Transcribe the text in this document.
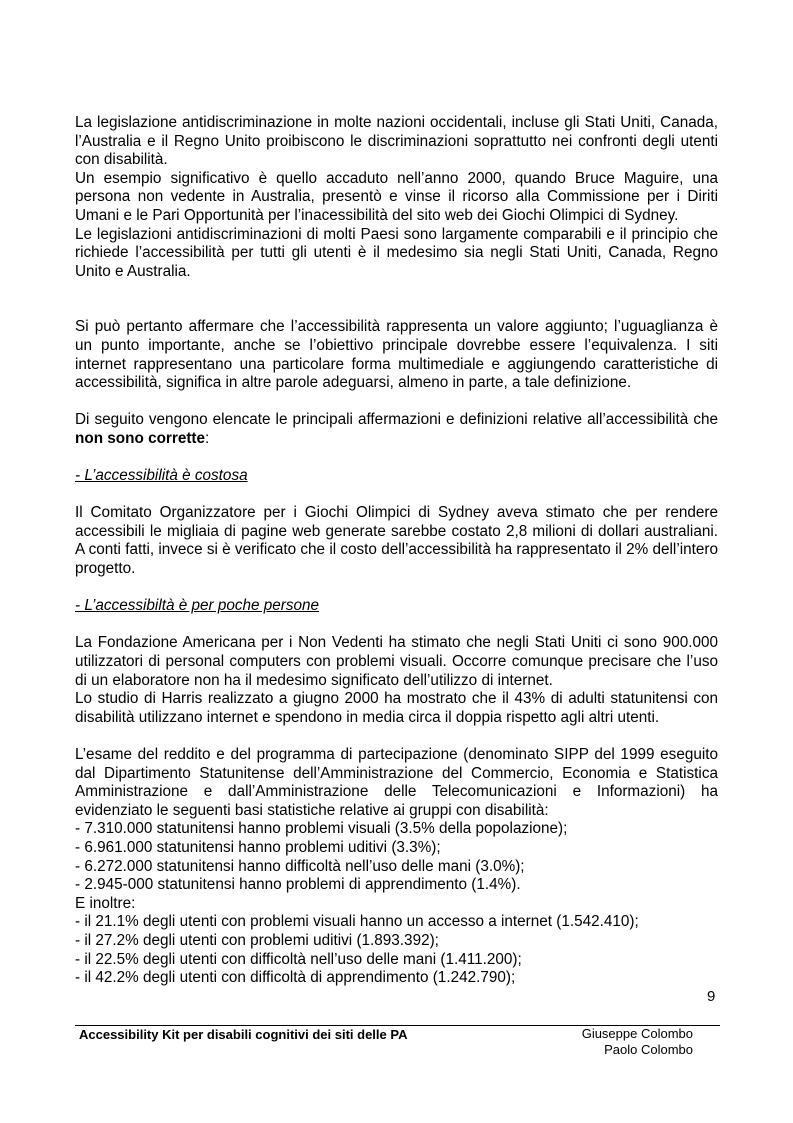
La legislazione antidiscriminazione in molte nazioni occidentali, incluse gli Stati Uniti, Canada, l’Australia e il Regno Unito proibiscono le discriminazioni soprattutto nei confronti degli utenti con disabilità.

Un esempio significativo è quello accaduto nell’anno 2000, quando Bruce Maguire, una persona non vedente in Australia, presentò e vinse il ricorso alla Commissione per i Diriti Umani e le Pari Opportunità per l’inacessibilità del sito web dei Giochi Olimpici di Sydney.

Le legislazioni antidiscriminazioni di molti Paesi sono largamente comparabili e il principio che richiede l’accessibilità per tutti gli utenti è il medesimo sia negli Stati Uniti, Canada, Regno Unito e Australia.

Si può pertanto affermare che l’accessibilità rappresenta un valore aggiunto; l’uguaglianza è un punto importante, anche se l’obiettivo principale dovrebbe essere l’equivalenza. I siti internet rappresentano una particolare forma multimediale e aggiungendo caratteristiche di accessibilità, significa in altre parole adeguarsi, almeno in parte, a tale definizione.

Di seguito vengono elencate le principali affermazioni e definizioni relative all’accessibilità che non sono corrette:

- L’accessibilità è costosa

Il Comitato Organizzatore per i Giochi Olimpici di Sydney aveva stimato che per rendere accessibili le migliaia di pagine web generate sarebbe costato 2,8 milioni di dollari australiani. A conti fatti, invece si è verificato che il costo dell’accessibilità ha rappresentato il 2% dell’intero progetto.

- L’accessibiltà è per poche persone

La Fondazione Americana per i Non Vedenti ha stimato che negli Stati Uniti ci sono 900.000 utilizzatori di personal computers con problemi visuali. Occorre comunque precisare che l’uso di un elaboratore non ha il medesimo significato dell’utilizzo di internet.

Lo studio di Harris realizzato a giugno 2000 ha mostrato che il 43% di adulti statunitensi con disabilità utilizzano internet e spendono in media circa il doppia rispetto agli altri utenti.

L’esame del reddito e del programma di partecipazione (denominato SIPP del 1999 eseguito dal Dipartimento Statunitense dell’Amministrazione del Commercio, Economia e Statistica Amministrazione e dall’Amministrazione delle Telecomunicazioni e Informazioni) ha evidenziato le seguenti basi statistiche relative ai gruppi con disabilità:

- 7.310.000 statunitensi hanno problemi visuali (3.5% della popolazione);

- 6.961.000 statunitensi hanno problemi uditivi (3.3%);

- 6.272.000 statunitensi hanno difficoltà nell’uso delle mani (3.0%);

- 2.945-000 statunitensi hanno problemi di apprendimento (1.4%).

E inoltre:

- il 21.1% degli utenti con problemi visuali hanno un accesso a internet (1.542.410);

- il 27.2% degli utenti con problemi uditivi (1.893.392);

- il 22.5% degli utenti con difficoltà nell’uso delle mani (1.411.200);

- il 42.2% degli utenti con difficoltà di apprendimento (1.242.790);

9
Accessibility Kit per disabili cognitivi dei siti delle PA	Giuseppe Colombo
Paolo Colombo
